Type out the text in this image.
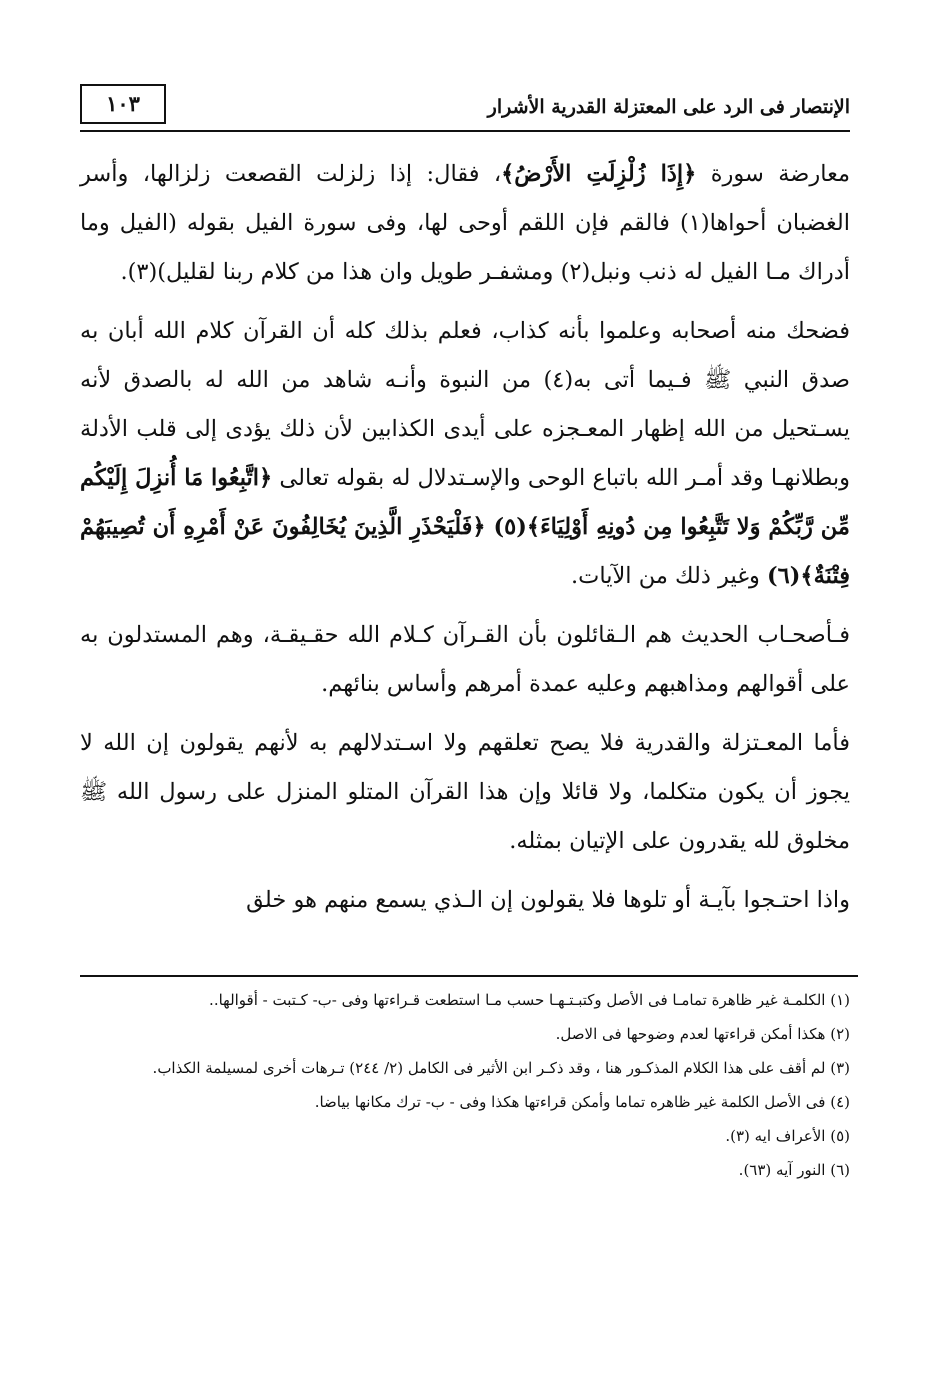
الإنتصار فى الرد على المعتزلة القدرية الأشرار
١٠٣

معارضة سورة ﴿إِذَا زُلْزِلَتِ الأَرْضُ﴾، فقال: إذا زلزلت القصعت زلزالها، وأسر الغضبان أحواها(١) فالقم فإن اللقم أوحى لها، وفى سورة الفيل بقوله (الفيل وما أدراك مـا الفيل له ذنب ونبل(٢) ومشفـر طويل وان هذا من كلام ربنا لقليل)(٣).

فضحك منه أصحابه وعلموا بأنه كذاب، فعلم بذلك كله أن القرآن كلام الله أبان به صدق النبي ﷺ فـيما أتى به(٤) من النبوة وأنـه شاهد من الله له بالصدق لأنه يسـتحيل من الله إظهار المعـجزه على أيدى الكذابين لأن ذلك يؤدى إلى قلب الأدلة وبطلانهـا وقد أمـر الله باتباع الوحى والإسـتدلال له بقوله تعالى ﴿اتَّبِعُوا مَا أُنزِلَ إِلَيْكُم مِّن رَّبِّكُمْ وَلا تَتَّبِعُوا مِن دُونِهِ أَوْلِيَاءَ﴾(٥) ﴿فَلْيَحْذَرِ الَّذِينَ يُخَالِفُونَ عَنْ أَمْرِهِ أَن تُصِيبَهُمْ فِتْنَةٌ﴾(٦) وغير ذلك من الآيات.

فـأصحـاب الحديث هم الـقائلون بأن القـرآن كـلام الله حقـيقـة، وهم المستدلون به على أقوالهم ومذاهبهم وعليه عمدة أمرهم وأساس بنائهم.

فأما المعـتزلة والقدرية فلا يصح تعلقهم ولا اسـتدلالهم به لأنهم يقولون إن الله لا يجوز أن يكون متكلما، ولا قائلا وإن هذا القرآن المتلو المنزل على رسول الله ﷺ مخلوق لله يقدرون على الإتيان بمثله.

واذا احتـجوا بآيـة أو تلوها فلا يقولون إن الـذي يسمع منهم هو خلق

(١) الكلمـة غير ظاهرة تمامـا فى الأصل وكتبـتـهـا حسب مـا استطعت قـراءتها وفى -ب- كـتبت - أقوالها..

(٢) هكذا أمكن قراءتها لعدم وضوحها فى الاصل.

(٣) لم أقف على هذا الكلام المذكـور هنا ، وقد ذكـر ابن الأثير فى الكامل (٢/ ٢٤٤) تـرهات أخرى لمسيلمة الكذاب.

(٤) فى الأصل الكلمة غير ظاهره تماما وأمكن قراءتها هكذا وفى - ب- ترك مكانها بياضا.

(٥) الأعراف ايه (٣).

(٦) النور آيه (٦٣).
